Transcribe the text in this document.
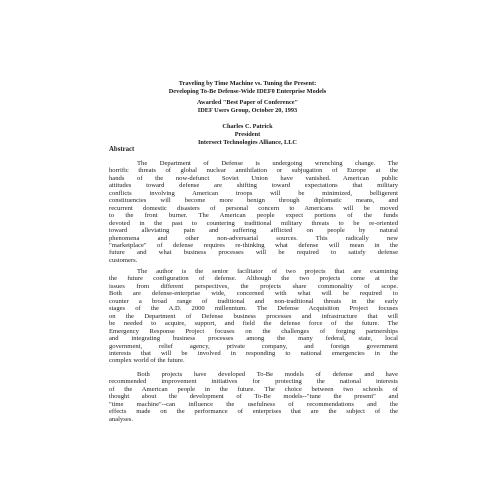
Traveling by Time Machine vs. Tuning the Present:
Developing To-Be Defense-Wide IDEF0 Enterprise Models
Awarded "Best Paper of Conference"
IDEF Users Group, October 20, 1993
Charles C. Patrick
President
Intersect Technologies Alliance, LLC
Abstract
The Department of Defense is undergoing wrenching change. The
horrific threats of global nuclear annihilation or subjugation of Europe at the
hands of the now-defunct Soviet Union have vanished. American public
attitudes toward defense are shifting toward expectations that military
conflicts involving American troops will be minimized, belligerent
constituencies will become more benign through diplomatic means, and
recurrent domestic disasters of personal concern to Americans will be moved
to the front burner. The American people expect portions of the funds
devoted in the past to countering traditional military threats to be re-oriented
toward alleviating pain and suffering afflicted on people by natural
phenomena and other non-adversarial sources. This radically new
"marketplace" of defense requires re-thinking what defense will mean in the
future and what business processes will be required to satisfy defense
customers.
The author is the senior facilitator of two projects that are examining
the future configuration of defense. Although the two projects come at the
issues from different perspectives, the projects share commonality of scope.
Both are defense-enterprise wide, concerned with what will be required to
counter a broad range of traditional and non-traditional threats in the early
stages of the A.D. 2000 millennium. The Defense Acquisition Project focuses
on the Department of Defense business processes and infrastructure that will
be needed to acquire, support, and field the defense force of the future. The
Emergency Response Project focuses on the challenges of forging partnerships
and integrating business processes among the many federal, state, local
government, relief agency, private company, and foreign government
interests that will be involved in responding to national emergencies in the
complex world of the future.
Both projects have developed To-Be models of defense and have
recommended improvement initiatives for protecting the national interests
of the American people in the future. The choice between two schools of
thought about the development of To-Be models--"tune the present" and
"time machine"--can influence the usefulness of recommendations and the
effects made on the performance of enterprises that are the subject of the
analyses.
